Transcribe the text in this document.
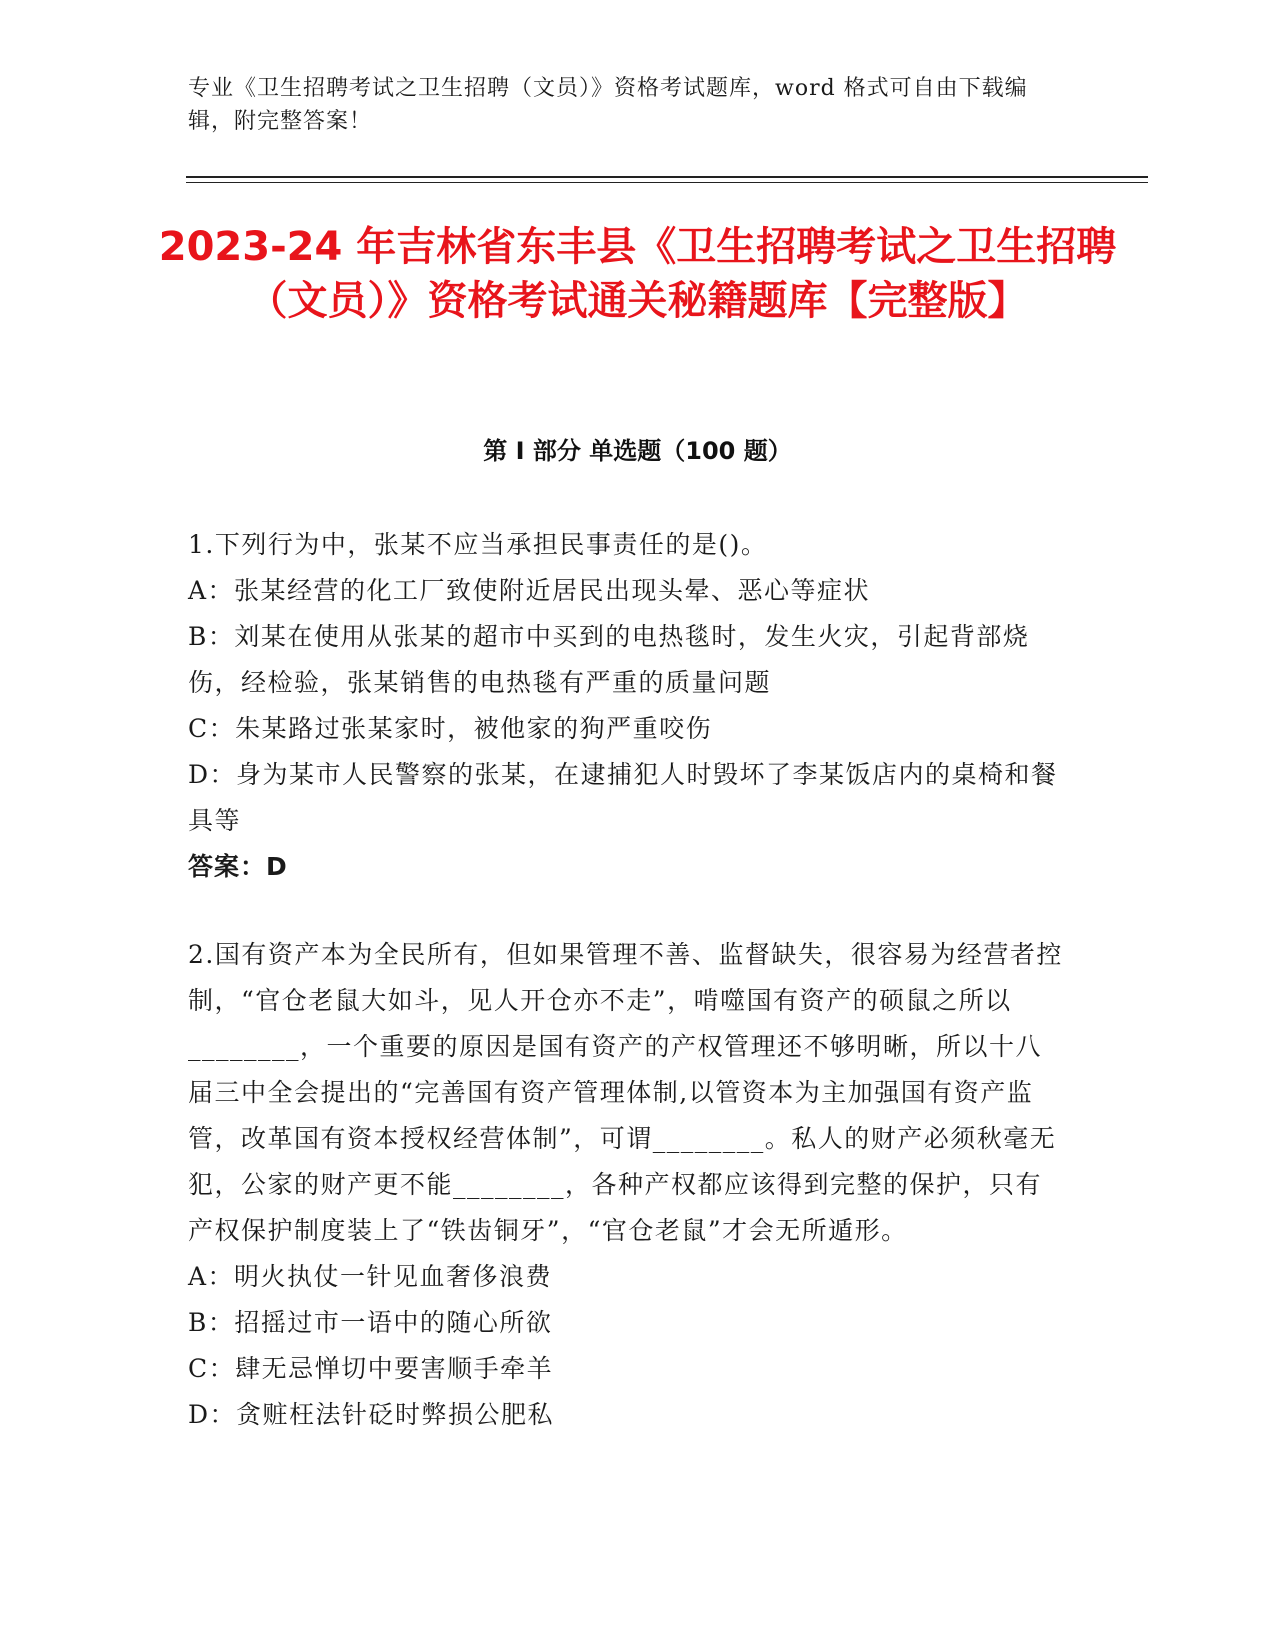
专业《卫生招聘考试之卫生招聘（文员）》资格考试题库，word 格式可自由下载编辑，附完整答案！
2023-24 年吉林省东丰县《卫生招聘考试之卫生招聘（文员）》资格考试通关秘籍题库【完整版】
第 I 部分 单选题（100 题）
1.下列行为中，张某不应当承担民事责任的是()。
A：张某经营的化工厂致使附近居民出现头晕、恶心等症状
B：刘某在使用从张某的超市中买到的电热毯时，发生火灾，引起背部烧伤，经检验，张某销售的电热毯有严重的质量问题
C：朱某路过张某家时，被他家的狗严重咬伤
D：身为某市人民警察的张某，在逮捕犯人时毁坏了李某饭店内的桌椅和餐具等
答案：D
2.国有资产本为全民所有，但如果管理不善、监督缺失，很容易为经营者控制，“官仓老鼠大如斗，见人开仓亦不走”，啃噬国有资产的硕鼠之所以________，一个重要的原因是国有资产的产权管理还不够明晰，所以十八届三中全会提出的“完善国有资产管理体制,以管资本为主加强国有资产监管，改革国有资本授权经营体制”，可谓________。私人的财产必须秋毫无犯，公家的财产更不能________，各种产权都应该得到完整的保护，只有产权保护制度装上了“铁齿铜牙”，“官仓老鼠”才会无所遁形。
A：明火执仗一针见血奢侈浪费
B：招摇过市一语中的随心所欲
C：肆无忌惮切中要害顺手牵羊
D：贪赃枉法针砭时弊损公肥私
